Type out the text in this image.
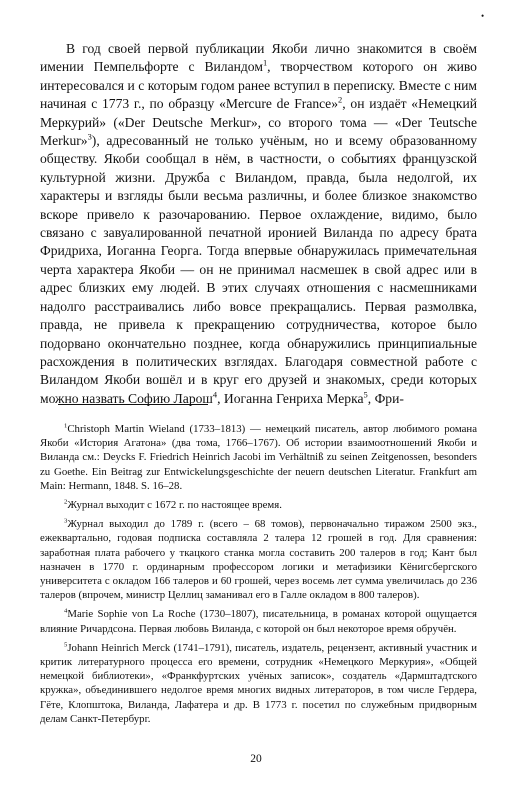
•

В год своей первой публикации Якоби лично знакомится в своём имении Пемпельфорте с Виландом$^1$, творчеством которого он живо интересовался и с которым годом ранее вступил в переписку. Вместе с ним начиная с 1773 г., по образцу «Mercure de France»$^2$, он издаёт «Немецкий Меркурий» («Der Deutsche Merkur», со второго тома — «Der Teutsche Merkur»$^3$), адресованный не только учёным, но и всему образованному обществу. Якоби сообщал в нём, в частности, о событиях французской культурной жизни. Дружба с Виландом, правда, была недолгой, их характеры и взгляды были весьма различны, и более близкое знакомство вскоре привело к разочарованию. Первое охлаждение, видимо, было связано с завуалированной печатной иронией Виланда по адресу брата Фридриха, Иоганна Георга. Тогда впервые обнаружилась примечательная черта характера Якоби — он не принимал насмешек в свой адрес или в адрес близких ему людей. В этих случаях отношения с насмешниками надолго расстраивались либо вовсе прекращались. Первая размолвка, правда, не привела к прекращению сотрудничества, которое было подорвано окончательно позднее, когда обнаружились принципиальные расхождения в политических взглядах. Благодаря совместной работе с Виландом Якоби вошёл и в круг его друзей и знакомых, среди которых можно назвать Софию Ларош$^4$, Иоганна Генриха Мерка$^5$, Фри-

$^1$Christoph Martin Wieland (1733–1813) — немецкий писатель, автор любимого романа Якоби «История Агатона» (два тома, 1766–1767). Об истории взаимоотношений Якоби и Виланда см.: Deycks F. Friedrich Heinrich Jacobi im Verhältniß zu seinen Zeitgenossen, besonders zu Goethe. Ein Beitrag zur Entwickelungsgeschichte der neuern deutschen Literatur. Frankfurt am Main: Hermann, 1848. S. 16–28.

$^2$Журнал выходит с 1672 г. по настоящее время.

$^3$Журнал выходил до 1789 г. (всего – 68 томов), первоначально тиражом 2500 экз., ежеквартально, годовая подписка составляла 2 талера 12 грошей в год. Для сравнения: заработная плата рабочего у ткацкого станка могла составить 200 талеров в год; Кант был назначен в 1770 г. ординарным профессором логики и метафизики Кёнигсбергского университета с окладом 166 талеров и 60 грошей, через восемь лет сумма увеличилась до 236 талеров (впрочем, министр Целлиц заманивал его в Галле окладом в 800 талеров).

$^4$Marie Sophie von La Roche (1730–1807), писательница, в романах которой ощущается влияние Ричардсона. Первая любовь Виланда, с которой он был некоторое время обручён.

$^5$Johann Heinrich Merck (1741–1791), писатель, издатель, рецензент, активный участник и критик литературного процесса его времени, сотрудник «Немецкого Меркурия», «Общей немецкой библиотеки», «Франкфуртских учёных записок», создатель «Дармштадтского кружка», объединившего недолгое время многих видных литераторов, в том числе Гердера, Гёте, Клопштока, Виланда, Лафатера и др. В 1773 г. посетил по служебным придворным делам Санкт-Петербург.

20
